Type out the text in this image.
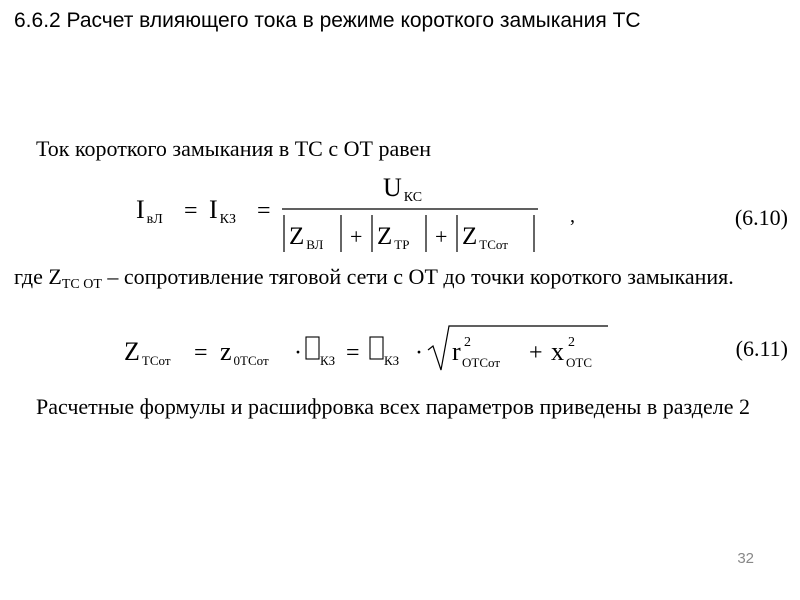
6.6.2 Расчет влияющего тока в режиме короткого замыкания ТС
Ток короткого замыкания в ТС с ОТ равен
IвЛ = IКЗ =
UКС
Z $_{ВЛ}$ + Z $_{ТР}$ + Z $_{ТСот}$
,	(6.10)
где $Z_{ТС ОТ}$ – сопротивление тяговой сети с ОТ до точки короткого замыкания.
Z ТСот = z 0ТСот · КЗ = КЗ · r 2
ОТСот + x 2
ОТС
(6.11)
Расчетные формулы и расшифровка всех параметров приведены в разделе 2
32
